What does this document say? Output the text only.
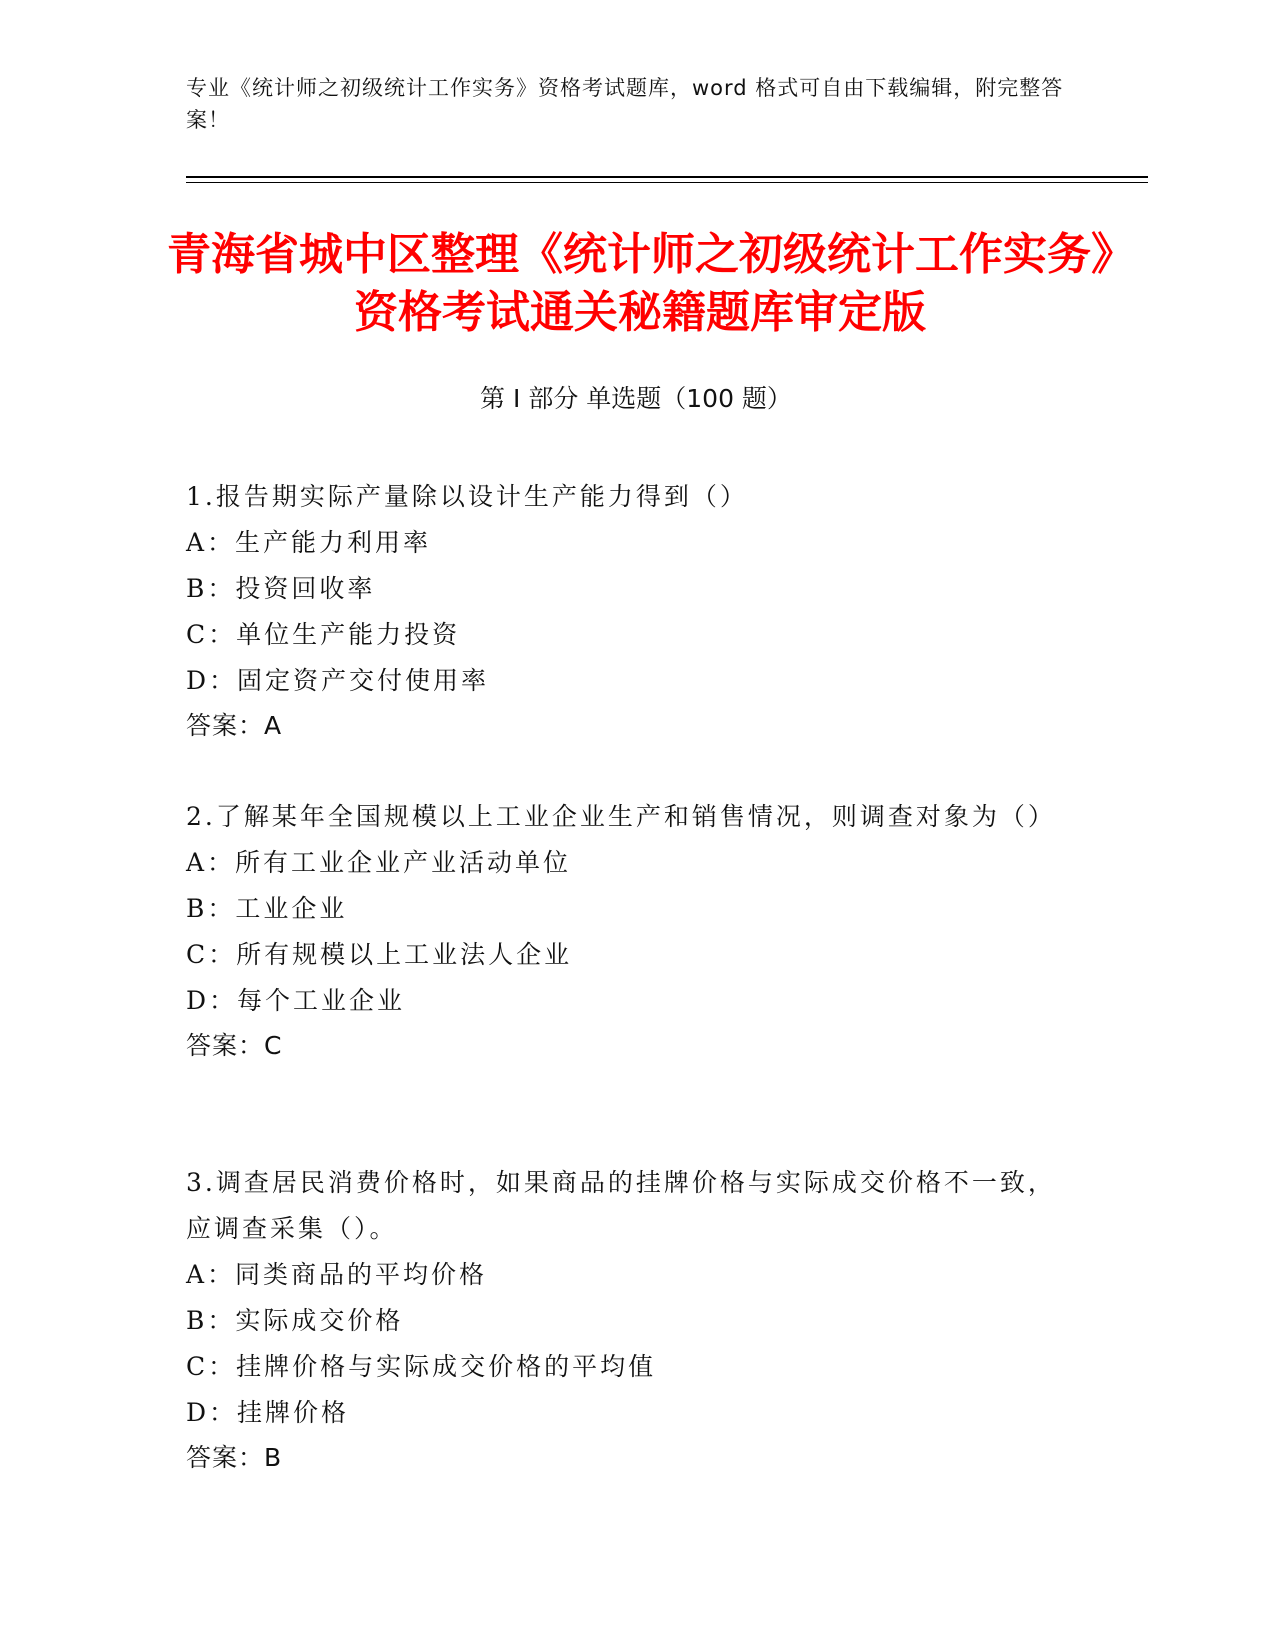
专业《统计师之初级统计工作实务》资格考试题库，word 格式可自由下载编辑，附完整答案！
青海省城中区整理《统计师之初级统计工作实务》资格考试通关秘籍题库审定版
第 I 部分 单选题（100 题）
1.报告期实际产量除以设计生产能力得到（）
A：生产能力利用率
B：投资回收率
C：单位生产能力投资
D：固定资产交付使用率
答案：A
2.了解某年全国规模以上工业企业生产和销售情况，则调查对象为（）
A：所有工业企业产业活动单位
B：工业企业
C：所有规模以上工业法人企业
D：每个工业企业
答案：C
3.调查居民消费价格时，如果商品的挂牌价格与实际成交价格不一致，应调查采集（）。
A：同类商品的平均价格
B：实际成交价格
C：挂牌价格与实际成交价格的平均值
D：挂牌价格
答案：B
